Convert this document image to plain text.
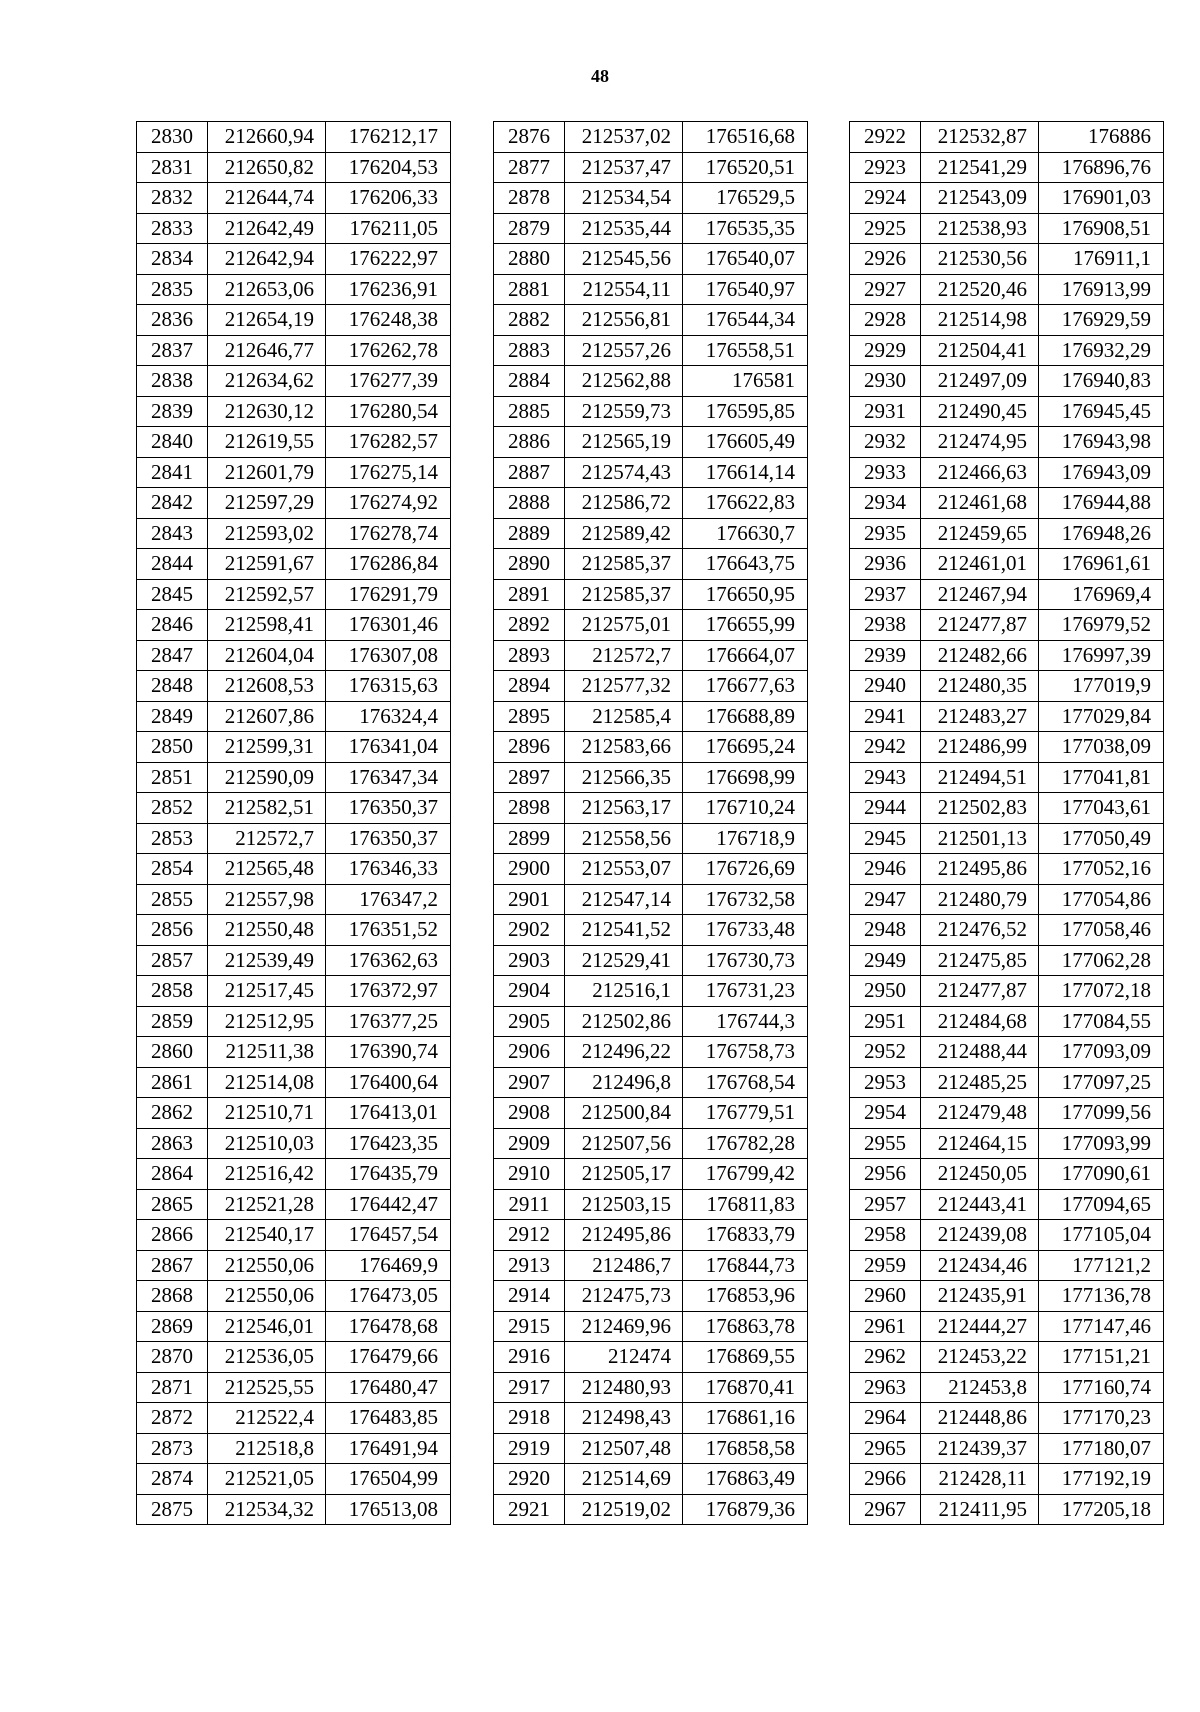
48
2830	212660,94	176212,17
2831	212650,82	176204,53
2832	212644,74	176206,33
2833	212642,49	176211,05
2834	212642,94	176222,97
2835	212653,06	176236,91
2836	212654,19	176248,38
2837	212646,77	176262,78
2838	212634,62	176277,39
2839	212630,12	176280,54
2840	212619,55	176282,57
2841	212601,79	176275,14
2842	212597,29	176274,92
2843	212593,02	176278,74
2844	212591,67	176286,84
2845	212592,57	176291,79
2846	212598,41	176301,46
2847	212604,04	176307,08
2848	212608,53	176315,63
2849	212607,86	176324,4
2850	212599,31	176341,04
2851	212590,09	176347,34
2852	212582,51	176350,37
2853	212572,7	176350,37
2854	212565,48	176346,33
2855	212557,98	176347,2
2856	212550,48	176351,52
2857	212539,49	176362,63
2858	212517,45	176372,97
2859	212512,95	176377,25
2860	212511,38	176390,74
2861	212514,08	176400,64
2862	212510,71	176413,01
2863	212510,03	176423,35
2864	212516,42	176435,79
2865	212521,28	176442,47
2866	212540,17	176457,54
2867	212550,06	176469,9
2868	212550,06	176473,05
2869	212546,01	176478,68
2870	212536,05	176479,66
2871	212525,55	176480,47
2872	212522,4	176483,85
2873	212518,8	176491,94
2874	212521,05	176504,99
2875	212534,32	176513,08
2876	212537,02	176516,68
2877	212537,47	176520,51
2878	212534,54	176529,5
2879	212535,44	176535,35
2880	212545,56	176540,07
2881	212554,11	176540,97
2882	212556,81	176544,34
2883	212557,26	176558,51
2884	212562,88	176581
2885	212559,73	176595,85
2886	212565,19	176605,49
2887	212574,43	176614,14
2888	212586,72	176622,83
2889	212589,42	176630,7
2890	212585,37	176643,75
2891	212585,37	176650,95
2892	212575,01	176655,99
2893	212572,7	176664,07
2894	212577,32	176677,63
2895	212585,4	176688,89
2896	212583,66	176695,24
2897	212566,35	176698,99
2898	212563,17	176710,24
2899	212558,56	176718,9
2900	212553,07	176726,69
2901	212547,14	176732,58
2902	212541,52	176733,48
2903	212529,41	176730,73
2904	212516,1	176731,23
2905	212502,86	176744,3
2906	212496,22	176758,73
2907	212496,8	176768,54
2908	212500,84	176779,51
2909	212507,56	176782,28
2910	212505,17	176799,42
2911	212503,15	176811,83
2912	212495,86	176833,79
2913	212486,7	176844,73
2914	212475,73	176853,96
2915	212469,96	176863,78
2916	212474	176869,55
2917	212480,93	176870,41
2918	212498,43	176861,16
2919	212507,48	176858,58
2920	212514,69	176863,49
2921	212519,02	176879,36
2922	212532,87	176886
2923	212541,29	176896,76
2924	212543,09	176901,03
2925	212538,93	176908,51
2926	212530,56	176911,1
2927	212520,46	176913,99
2928	212514,98	176929,59
2929	212504,41	176932,29
2930	212497,09	176940,83
2931	212490,45	176945,45
2932	212474,95	176943,98
2933	212466,63	176943,09
2934	212461,68	176944,88
2935	212459,65	176948,26
2936	212461,01	176961,61
2937	212467,94	176969,4
2938	212477,87	176979,52
2939	212482,66	176997,39
2940	212480,35	177019,9
2941	212483,27	177029,84
2942	212486,99	177038,09
2943	212494,51	177041,81
2944	212502,83	177043,61
2945	212501,13	177050,49
2946	212495,86	177052,16
2947	212480,79	177054,86
2948	212476,52	177058,46
2949	212475,85	177062,28
2950	212477,87	177072,18
2951	212484,68	177084,55
2952	212488,44	177093,09
2953	212485,25	177097,25
2954	212479,48	177099,56
2955	212464,15	177093,99
2956	212450,05	177090,61
2957	212443,41	177094,65
2958	212439,08	177105,04
2959	212434,46	177121,2
2960	212435,91	177136,78
2961	212444,27	177147,46
2962	212453,22	177151,21
2963	212453,8	177160,74
2964	212448,86	177170,23
2965	212439,37	177180,07
2966	212428,11	177192,19
2967	212411,95	177205,18
